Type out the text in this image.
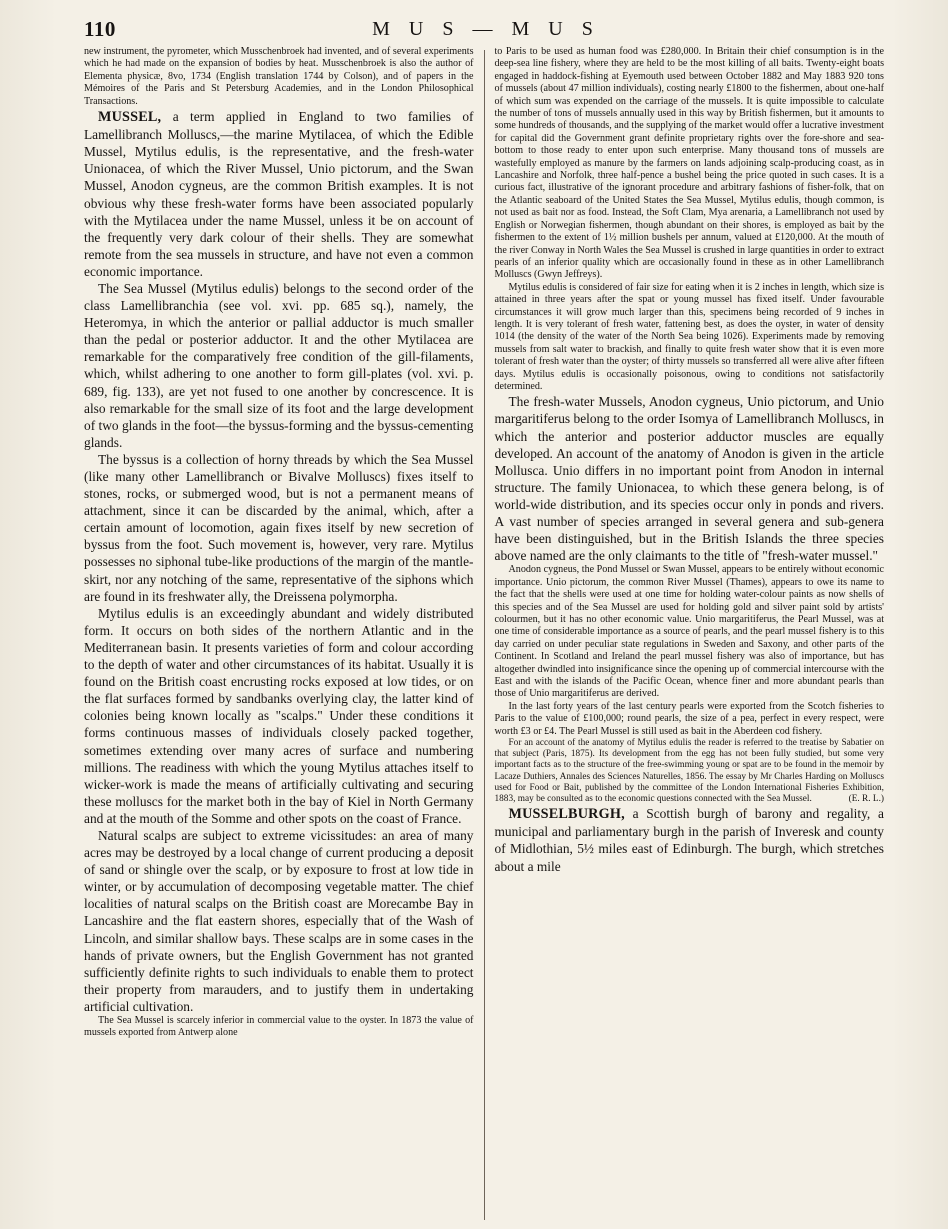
110	M U S — M U S

new instrument, the pyrometer, which Musschenbroek had invented, and of several experiments which he had made on the expansion of bodies by heat. Musschenbroek is also the author of Elementa physicæ, 8vo, 1734 (English translation 1744 by Colson), and of papers in the Mémoires of the Paris and St Petersburg Academies, and in the London Philosophical Transactions.

MUSSEL, a term applied in England to two families of Lamellibranch Molluscs,—the marine Mytilacea, of which the Edible Mussel, Mytilus edulis, is the representative, and the fresh-water Unionacea, of which the River Mussel, Unio pictorum, and the Swan Mussel, Anodon cygneus, are the common British examples. It is not obvious why these fresh-water forms have been associated popularly with the Mytilacea under the name Mussel, unless it be on account of the frequently very dark colour of their shells. They are somewhat remote from the sea mussels in structure, and have not even a common economic importance.

The Sea Mussel (Mytilus edulis) belongs to the second order of the class Lamellibranchia (see vol. xvi. pp. 685 sq.), namely, the Heteromya, in which the anterior or pallial adductor is much smaller than the pedal or posterior adductor. It and the other Mytilacea are remarkable for the comparatively free condition of the gill-filaments, which, whilst adhering to one another to form gill-plates (vol. xvi. p. 689, fig. 133), are yet not fused to one another by concrescence. It is also remarkable for the small size of its foot and the large development of two glands in the foot—the byssus-forming and the byssus-cementing glands.

The byssus is a collection of horny threads by which the Sea Mussel (like many other Lamellibranch or Bivalve Molluscs) fixes itself to stones, rocks, or submerged wood, but is not a permanent means of attachment, since it can be discarded by the animal, which, after a certain amount of locomotion, again fixes itself by new secretion of byssus from the foot. Such movement is, however, very rare. Mytilus possesses no siphonal tube-like productions of the margin of the mantle-skirt, nor any notching of the same, representative of the siphons which are found in its freshwater ally, the Dreissena polymorpha.

Mytilus edulis is an exceedingly abundant and widely distributed form. It occurs on both sides of the northern Atlantic and in the Mediterranean basin. It presents varieties of form and colour according to the depth of water and other circumstances of its habitat. Usually it is found on the British coast encrusting rocks exposed at low tides, or on the flat surfaces formed by sandbanks overlying clay, the latter kind of colonies being known locally as "scalps." Under these conditions it forms continuous masses of individuals closely packed together, sometimes extending over many acres of surface and numbering millions. The readiness with which the young Mytilus attaches itself to wicker-work is made the means of artificially cultivating and securing these molluscs for the market both in the bay of Kiel in North Germany and at the mouth of the Somme and other spots on the coast of France.

Natural scalps are subject to extreme vicissitudes: an area of many acres may be destroyed by a local change of current producing a deposit of sand or shingle over the scalp, or by exposure to frost at low tide in winter, or by accumulation of decomposing vegetable matter. The chief localities of natural scalps on the British coast are Morecambe Bay in Lancashire and the flat eastern shores, especially that of the Wash of Lincoln, and similar shallow bays. These scalps are in some cases in the hands of private owners, but the English Government has not granted sufficiently definite rights to such individuals to enable them to protect their property from marauders, and to justify them in undertaking artificial cultivation.

The Sea Mussel is scarcely inferior in commercial value to the oyster. In 1873 the value of mussels exported from Antwerp alone

to Paris to be used as human food was £280,000. In Britain their chief consumption is in the deep-sea line fishery, where they are held to be the most killing of all baits. Twenty-eight boats engaged in haddock-fishing at Eyemouth used between October 1882 and May 1883 920 tons of mussels (about 47 million individuals), costing nearly £1800 to the fishermen, about one-half of which sum was expended on the carriage of the mussels. It is quite impossible to calculate the number of tons of mussels annually used in this way by British fishermen, but it amounts to some hundreds of thousands, and the supplying of the market would offer a lucrative investment for capital did the Government grant definite proprietary rights over the fore-shore and sea-bottom to those ready to enter upon such enterprise. Many thousand tons of mussels are wastefully employed as manure by the farmers on lands adjoining scalp-producing coast, as in Lancashire and Norfolk, three half-pence a bushel being the price quoted in such cases. It is a curious fact, illustrative of the ignorant procedure and arbitrary fashions of fisher-folk, that on the Atlantic seaboard of the United States the Sea Mussel, Mytilus edulis, though common, is not used as bait nor as food. Instead, the Soft Clam, Mya arenaria, a Lamellibranch not used by English or Norwegian fishermen, though abundant on their shores, is employed as bait by the fishermen to the extent of 1½ million bushels per annum, valued at £120,000. At the mouth of the river Conway in North Wales the Sea Mussel is crushed in large quantities in order to extract pearls of an inferior quality which are occasionally found in these as in other Lamellibranch Molluscs (Gwyn Jeffreys).

Mytilus edulis is considered of fair size for eating when it is 2 inches in length, which size is attained in three years after the spat or young mussel has fixed itself. Under favourable circumstances it will grow much larger than this, specimens being recorded of 9 inches in length. It is very tolerant of fresh water, fattening best, as does the oyster, in water of density 1014 (the density of the water of the North Sea being 1026). Experiments made by removing mussels from salt water to brackish, and finally to quite fresh water show that it is even more tolerant of fresh water than the oyster; of thirty mussels so transferred all were alive after fifteen days. Mytilus edulis is occasionally poisonous, owing to conditions not satisfactorily determined.

The fresh-water Mussels, Anodon cygneus, Unio pictorum, and Unio margaritiferus belong to the order Isomya of Lamellibranch Molluscs, in which the anterior and posterior adductor muscles are equally developed. An account of the anatomy of Anodon is given in the article Mollusca. Unio differs in no important point from Anodon in internal structure. The family Unionacea, to which these genera belong, is of world-wide distribution, and its species occur only in ponds and rivers. A vast number of species arranged in several genera and sub-genera have been distinguished, but in the British Islands the three species above named are the only claimants to the title of "fresh-water mussel."

Anodon cygneus, the Pond Mussel or Swan Mussel, appears to be entirely without economic importance. Unio pictorum, the common River Mussel (Thames), appears to owe its name to the fact that the shells were used at one time for holding water-colour paints as now shells of this species and of the Sea Mussel are used for holding gold and silver paint sold by artists' colourmen, but it has no other economic value. Unio margaritiferus, the Pearl Mussel, was at one time of considerable importance as a source of pearls, and the pearl mussel fishery is to this day carried on under peculiar state regulations in Sweden and Saxony, and other parts of the Continent. In Scotland and Ireland the pearl mussel fishery was also of importance, but has altogether dwindled into insignificance since the opening up of commercial intercourse with the East and with the islands of the Pacific Ocean, whence finer and more abundant pearls than those of Unio margaritiferus are derived.

In the last forty years of the last century pearls were exported from the Scotch fisheries to Paris to the value of £100,000; round pearls, the size of a pea, perfect in every respect, were worth £3 or £4. The Pearl Mussel is still used as bait in the Aberdeen cod fishery.

For an account of the anatomy of Mytilus edulis the reader is referred to the treatise by Sabatier on that subject (Paris, 1875). Its development from the egg has not been fully studied, but some very important facts as to the structure of the free-swimming young or spat are to be found in the memoir by Lacaze Duthiers, Annales des Sciences Naturelles, 1856. The essay by Mr Charles Harding on Molluscs used for Food or Bait, published by the committee of the London International Fisheries Exhibition, 1883, may be consulted as to the economic questions connected with the Sea Mussel.	(E. R. L.)

MUSSELBURGH, a Scottish burgh of barony and regality, a municipal and parliamentary burgh in the parish of Inveresk and county of Midlothian, 5½ miles east of Edinburgh. The burgh, which stretches about a mile
